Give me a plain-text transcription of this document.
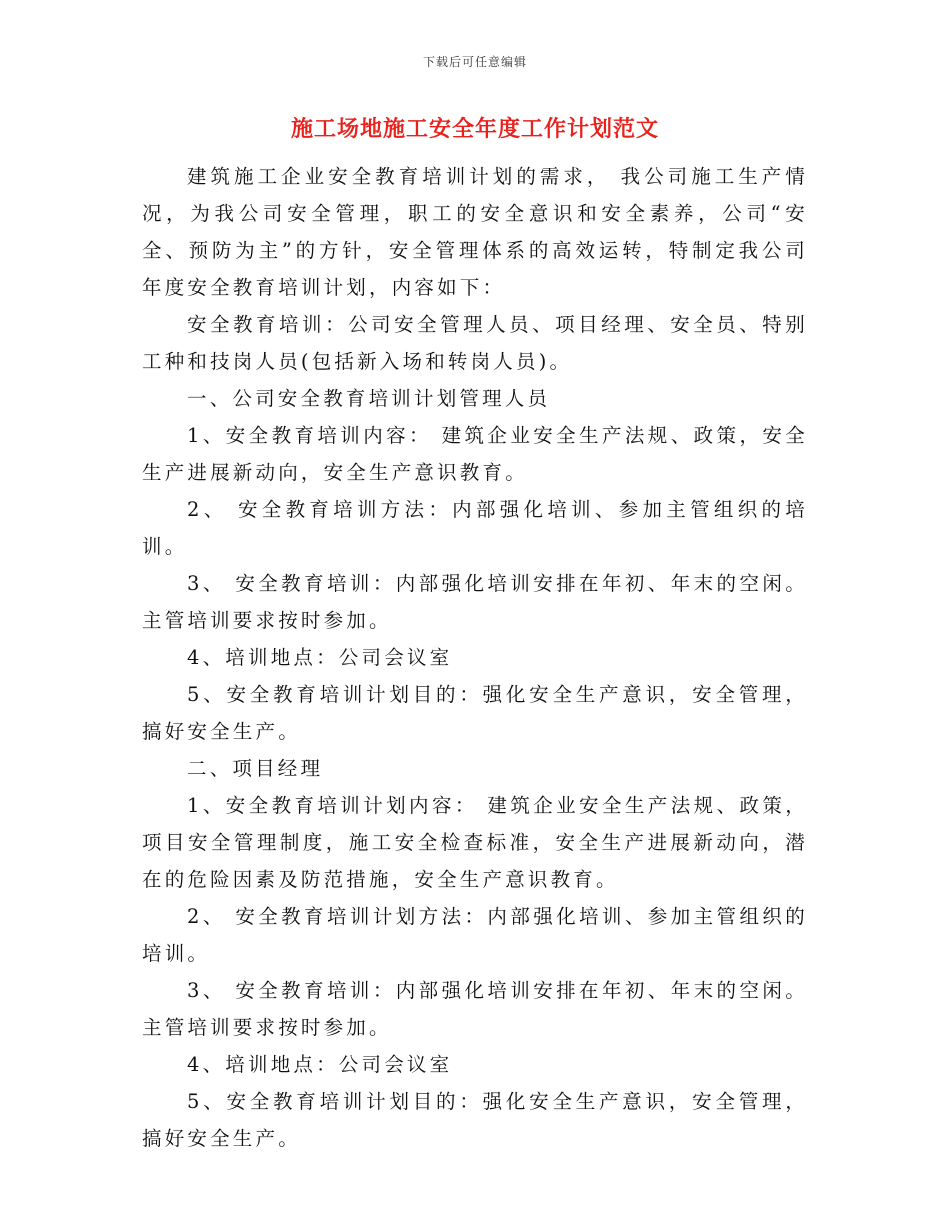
下载后可任意编辑
施工场地施工安全年度工作计划范文

建筑施工企业安全教育培训计划的需求， 我公司施工生产情况，为我公司安全管理，职工的安全意识和安全素养，公司“安全、预防为主”的方针，安全管理体系的高效运转，特制定我公司年度安全教育培训计划，内容如下：

安全教育培训：公司安全管理人员、项目经理、安全员、特别工种和技岗人员(包括新入场和转岗人员)。

一、公司安全教育培训计划管理人员

1、安全教育培训内容： 建筑企业安全生产法规、政策，安全生产进展新动向，安全生产意识教育。

2、 安全教育培训方法：内部强化培训、参加主管组织的培训。

3、 安全教育培训：内部强化培训安排在年初、年末的空闲。主管培训要求按时参加。

4、培训地点：公司会议室

5、安全教育培训计划目的：强化安全生产意识，安全管理，搞好安全生产。

二、项目经理

1、安全教育培训计划内容： 建筑企业安全生产法规、政策，项目安全管理制度，施工安全检查标准，安全生产进展新动向，潜在的危险因素及防范措施，安全生产意识教育。

2、 安全教育培训计划方法：内部强化培训、参加主管组织的培训。

3、 安全教育培训：内部强化培训安排在年初、年末的空闲。主管培训要求按时参加。

4、培训地点：公司会议室

5、安全教育培训计划目的：强化安全生产意识，安全管理，搞好安全生产。
